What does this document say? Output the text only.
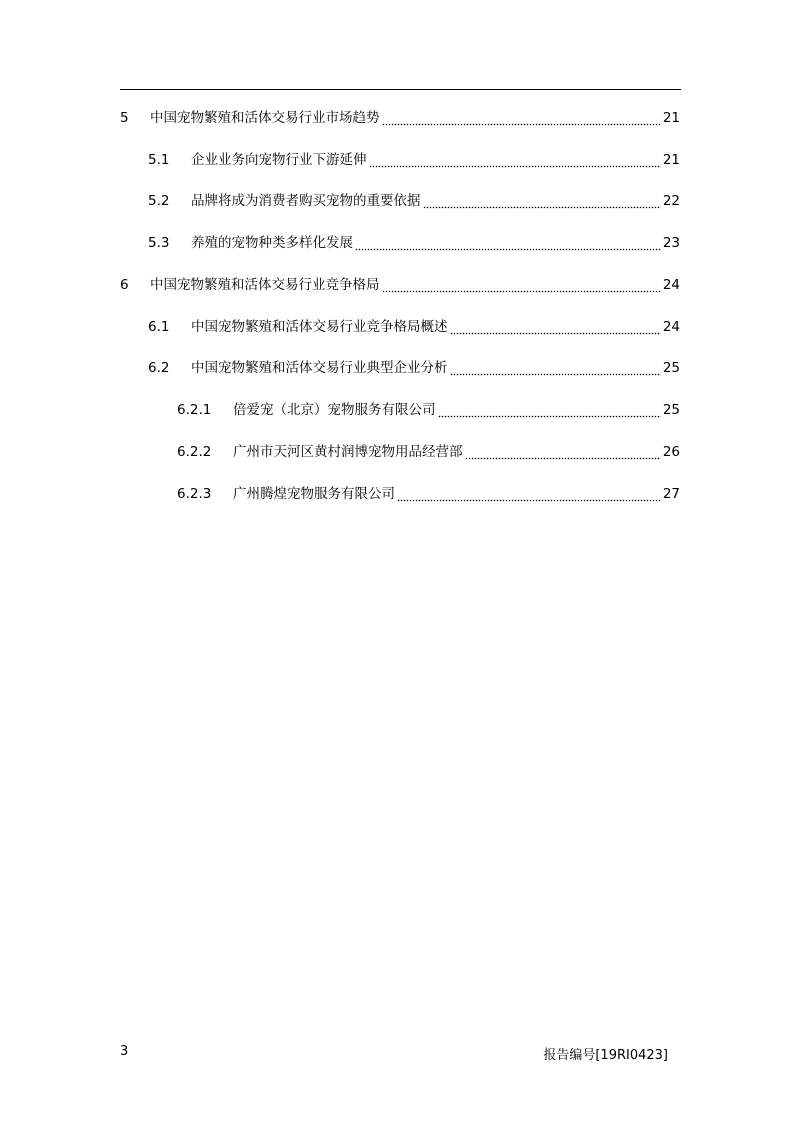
5	中国宠物繁殖和活体交易行业市场趋势	21
5.1	企业业务向宠物行业下游延伸	21
5.2	品牌将成为消费者购买宠物的重要依据	22
5.3	养殖的宠物种类多样化发展	23
6	中国宠物繁殖和活体交易行业竞争格局	24
6.1	中国宠物繁殖和活体交易行业竞争格局概述	24
6.2	中国宠物繁殖和活体交易行业典型企业分析	25
6.2.1	倍爱宠（北京）宠物服务有限公司	25
6.2.2	广州市天河区黄村润博宠物用品经营部	26
6.2.3	广州腾煌宠物服务有限公司	27
3	报告编号[19RI0423]
